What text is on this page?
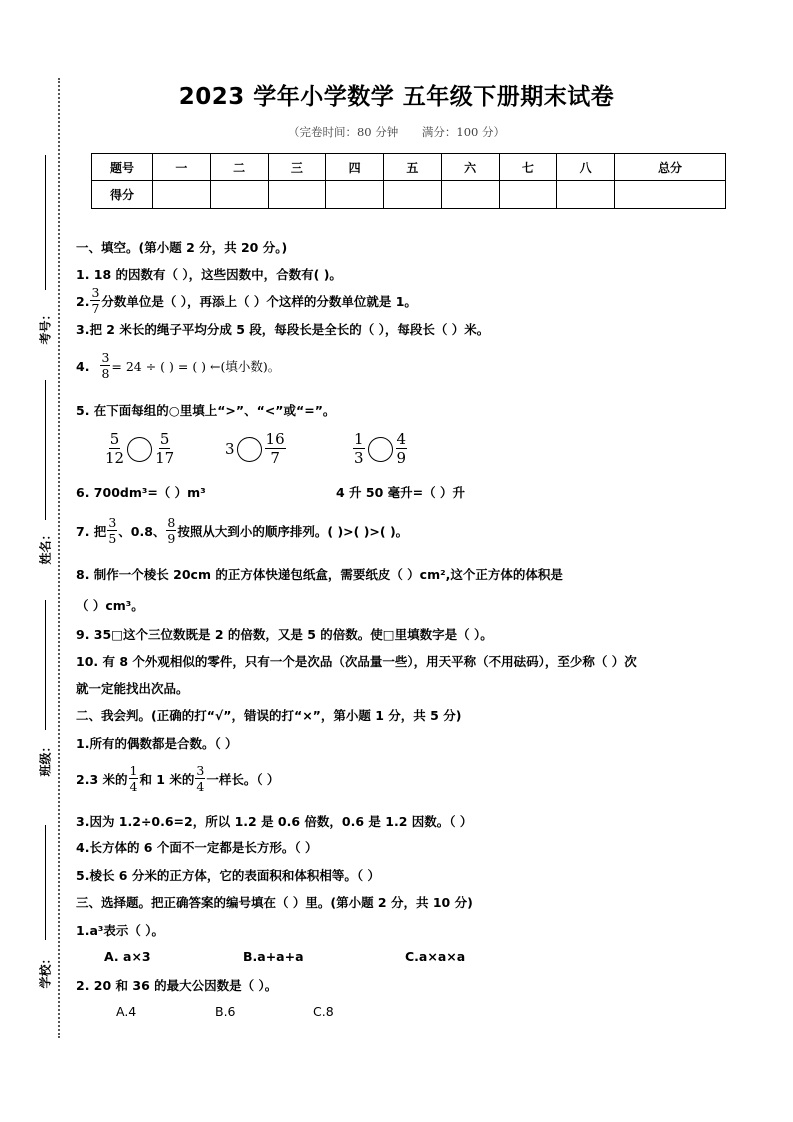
考号：
姓名：
班级：
学校：
2023 学年小学数学 五年级下册期末试卷
（完卷时间：80 分钟 满分：100 分）
题号	一	二	三	四	五	六	七	八	总分
得分									
一、填空。(第小题 2 分，共 20 分。)
1. 18 的因数有（ ），这些因数中，合数有( )。
2. $\frac{3}{7}$ 分数单位是（ ），再添上（ ）个这样的分数单位就是 1。
3.把 2 米长的绳子平均分成 5 段，每段长是全长的（ ），每段长（ ）米。
4. $\frac{3}{8} = 24$ ÷ ( ) = ( ) ←(填小数)。
5. 在下面每组的○里填上“>”、“<”或“=”。
$\frac{5}{12} \frac{5}{17}$	$3 \frac{16}{7}$	$\frac{1}{3} \frac{4}{9}$
6. 700dm³=（ ）m³	4 升 50 毫升=（ ）升
7. 把 $\frac{3}{5}$ 、0.8、 $\frac{8}{9}$ 按照从大到小的顺序排列。( )>( )>( )。
8. 制作一个棱长 20cm 的正方体快递包纸盒，需要纸皮（ ）cm²,这个正方体的体积是
（ ）cm³。
9. 35□这个三位数既是 2 的倍数，又是 5 的倍数。使□里填数字是（ ）。
10. 有 8 个外观相似的零件，只有一个是次品（次品量一些），用天平称（不用砝码），至少称（ ）次
就一定能找出次品。
二、我会判。(正确的打“√”，错误的打“×”，第小题 1 分，共 5 分)
1.所有的偶数都是合数。（ ）
2.3 米的 $\frac{1}{4}$ 和 1 米的 $\frac{3}{4}$ 一样长。（ ）
3.因为 1.2÷0.6=2，所以 1.2 是 0.6 倍数，0.6 是 1.2 因数。（ ）
4.长方体的 6 个面不一定都是长方形。（ ）
5.棱长 6 分米的正方体，它的表面积和体积相等。（ ）
三、选择题。把正确答案的编号填在（ ）里。(第小题 2 分，共 10 分)
1.a³表示（ ）。
A. a×3	B.a+a+a	C.a×a×a
2. 20 和 36 的最大公因数是（ ）。
A.4	B.6	C.8
